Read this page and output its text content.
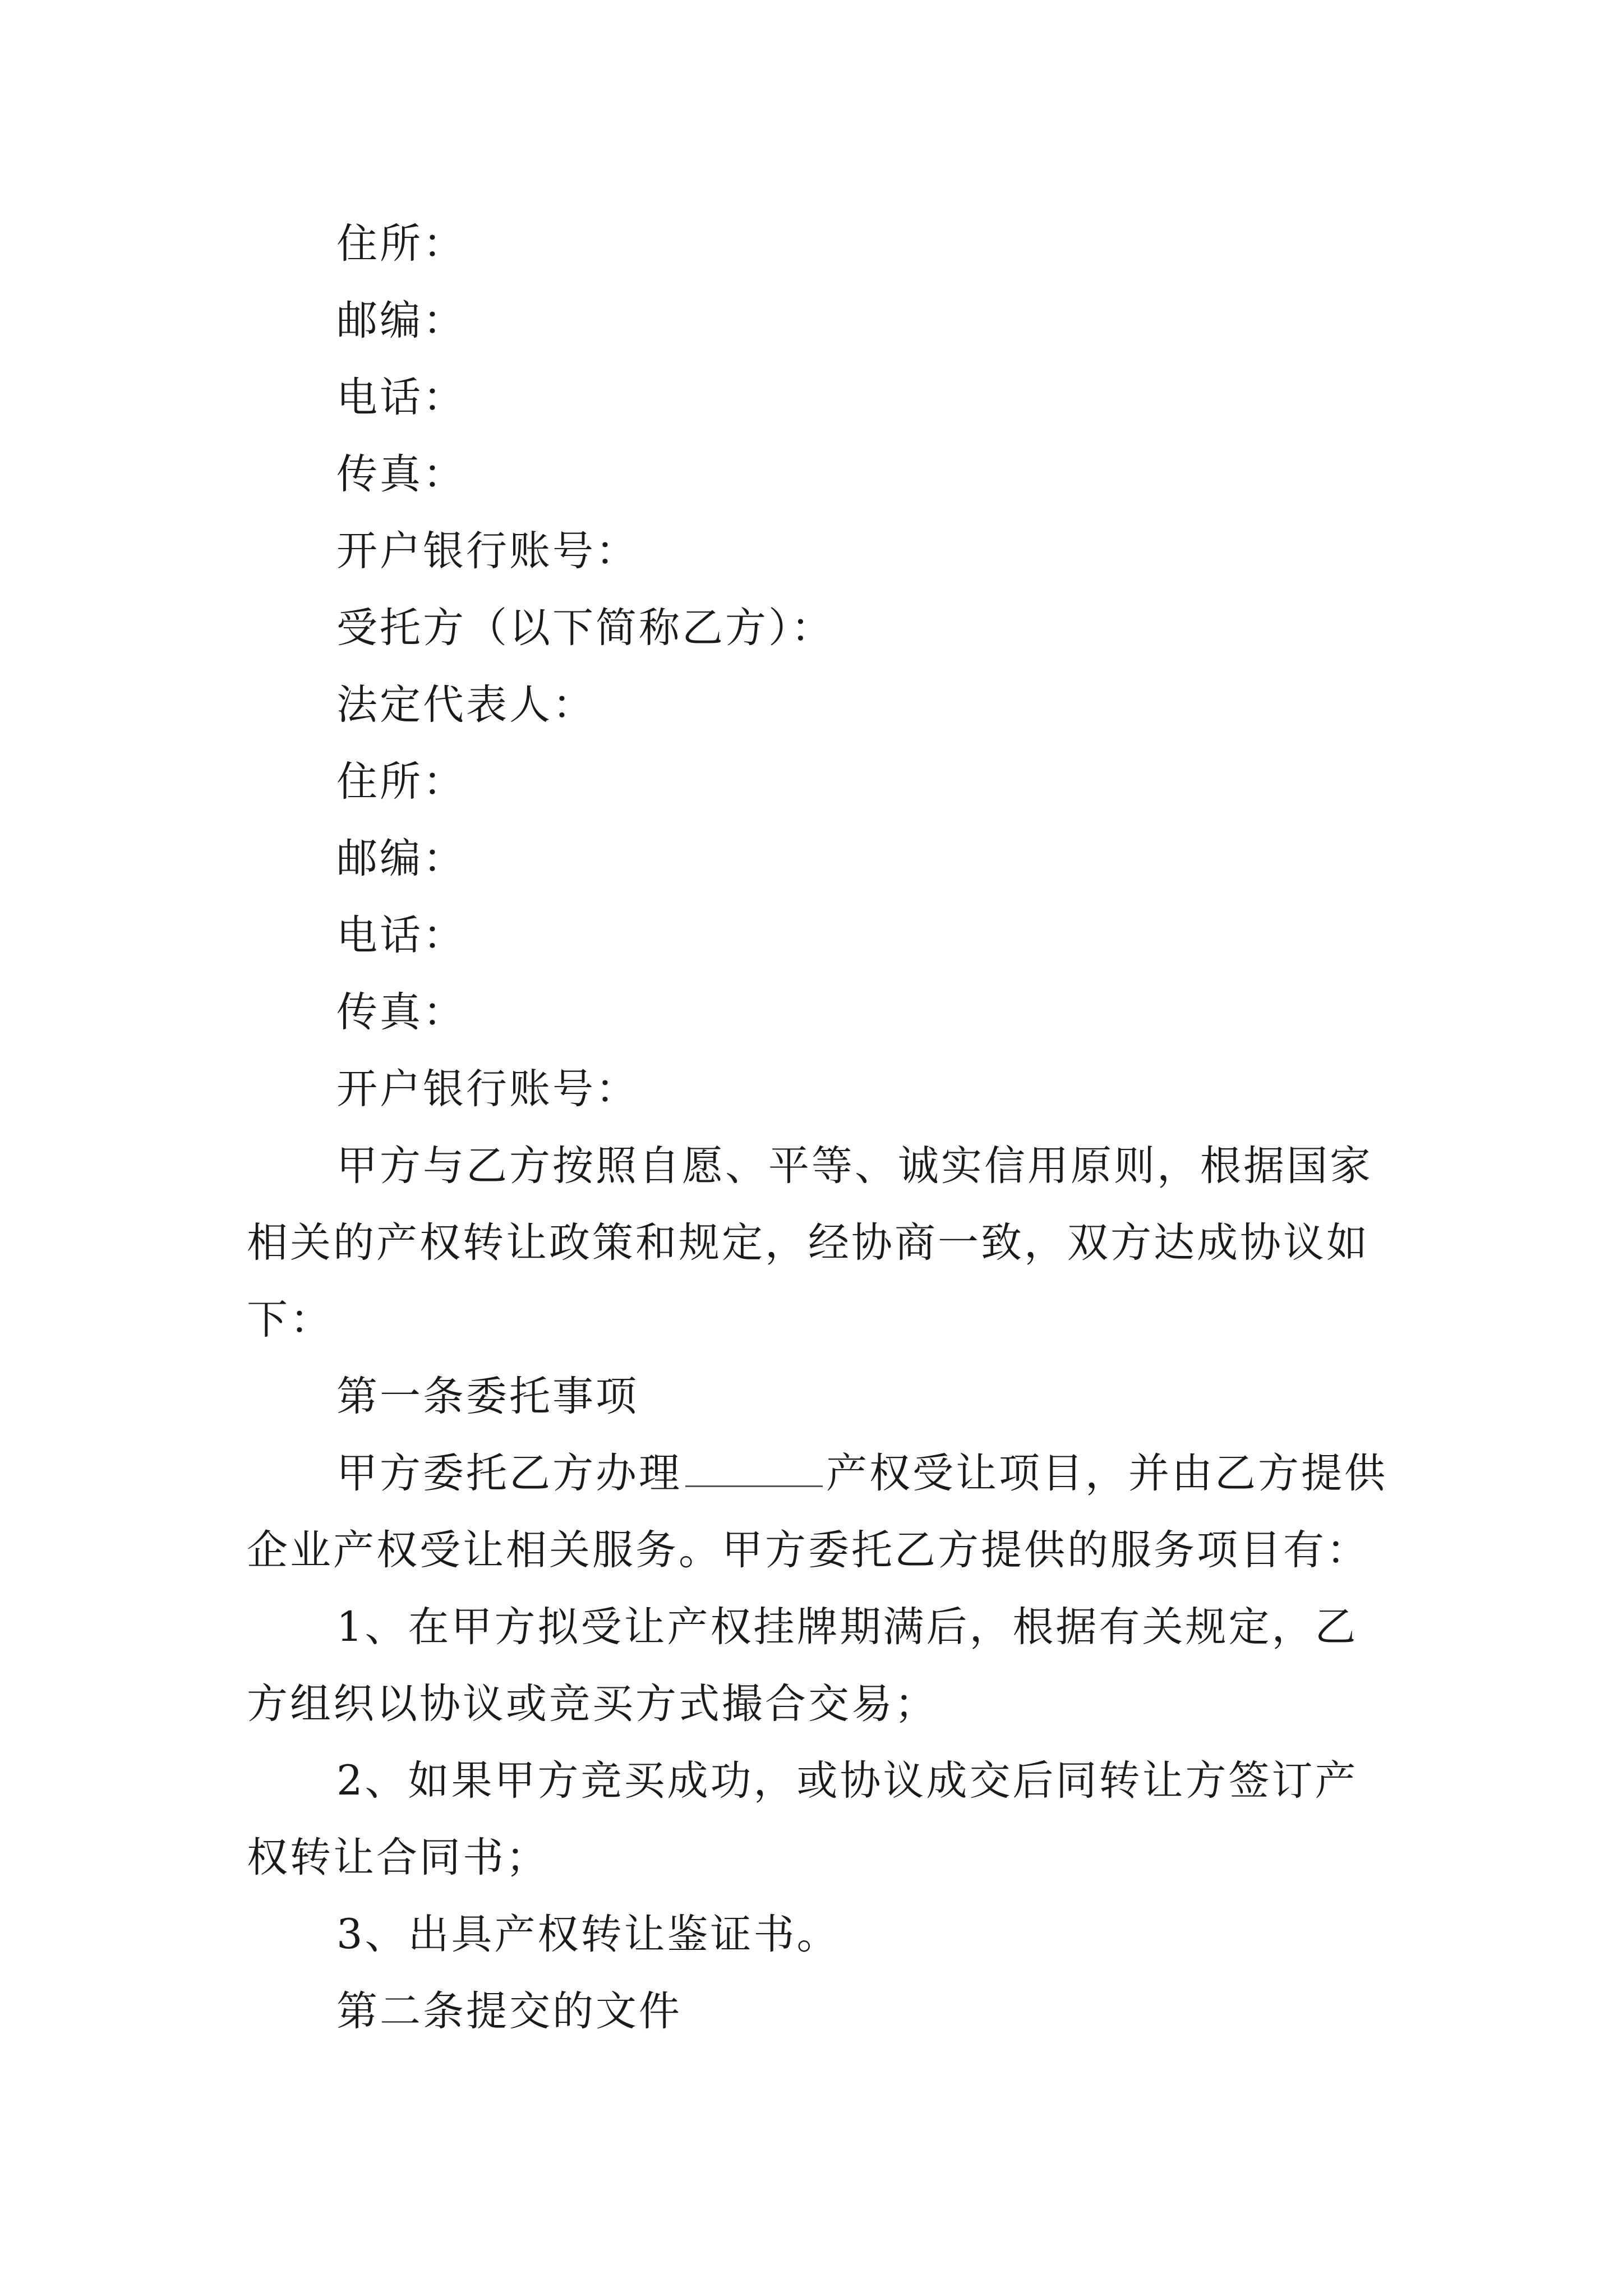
住所：
邮编：
电话：
传真：
开户银行账号：
受托方（以下简称乙方）：
法定代表人：
住所：
邮编：
电话：
传真：
开户银行账号：
甲方与乙方按照自愿、平等、诚实信用原则，根据国家
相关的产权转让政策和规定，经协商一致，双方达成协议如
下：
第一条委托事项
甲方委托乙方办理	产权受让项目，并由乙方提供
企业产权受让相关服务。甲方委托乙方提供的服务项目有：
1、在甲方拟受让产权挂牌期满后，根据有关规定，乙
方组织以协议或竞买方式撮合交易；
2、如果甲方竞买成功，或协议成交后同转让方签订产
权转让合同书；
3、出具产权转让鉴证书。
第二条提交的文件
